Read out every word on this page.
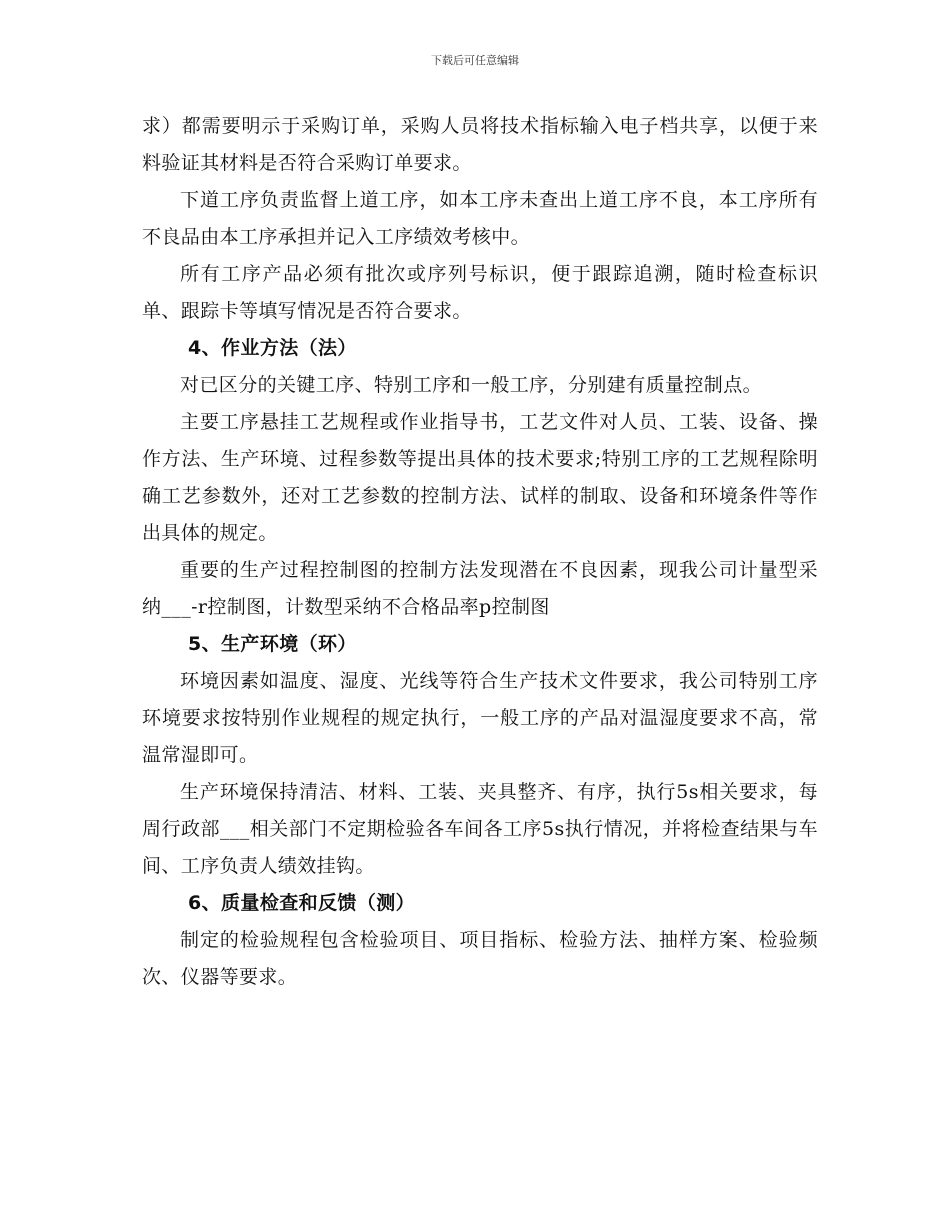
下载后可任意编辑

求）都需要明示于采购订单，采购人员将技术指标输入电子档共享，以便于来料验证其材料是否符合采购订单要求。

下道工序负责监督上道工序，如本工序未查出上道工序不良，本工序所有不良品由本工序承担并记入工序绩效考核中。

所有工序产品必须有批次或序列号标识，便于跟踪追溯，随时检查标识单、跟踪卡等填写情况是否符合要求。

4、作业方法（法）

对已区分的关键工序、特别工序和一般工序，分别建有质量控制点。

主要工序悬挂工艺规程或作业指导书，工艺文件对人员、工装、设备、操作方法、生产环境、过程参数等提出具体的技术要求;特别工序的工艺规程除明确工艺参数外，还对工艺参数的控制方法、试样的制取、设备和环境条件等作出具体的规定。

重要的生产过程控制图的控制方法发现潜在不良因素，现我公司计量型采纳___-r控制图，计数型采纳不合格品率p控制图

5、生产环境（环）

环境因素如温度、湿度、光线等符合生产技术文件要求，我公司特别工序环境要求按特别作业规程的规定执行，一般工序的产品对温湿度要求不高，常温常湿即可。

生产环境保持清洁、材料、工装、夹具整齐、有序，执行5s相关要求，每周行政部___相关部门不定期检验各车间各工序5s执行情况，并将检查结果与车间、工序负责人绩效挂钩。

6、质量检查和反馈（测）

制定的检验规程包含检验项目、项目指标、检验方法、抽样方案、检验频次、仪器等要求。
